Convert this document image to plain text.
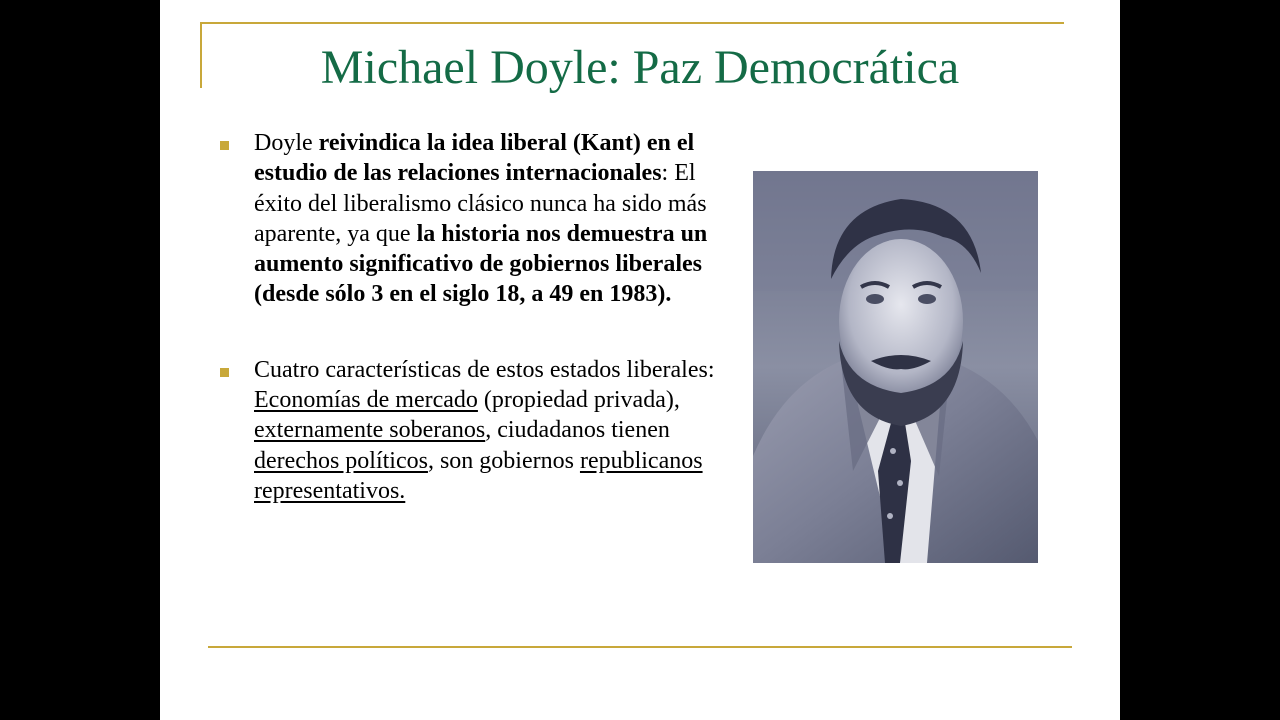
Michael Doyle: Paz Democrática
Doyle reivindica la idea liberal (Kant) en el estudio de las relaciones internacionales: El éxito del liberalismo clásico nunca ha sido más aparente, ya que la historia nos demuestra un aumento significativo de gobiernos liberales (desde sólo 3 en el siglo 18, a 49 en 1983).
Cuatro características de estos estados liberales: Economías de mercado (propiedad privada), externamente soberanos, ciudadanos tienen derechos políticos, son gobiernos republicanos representativos.
